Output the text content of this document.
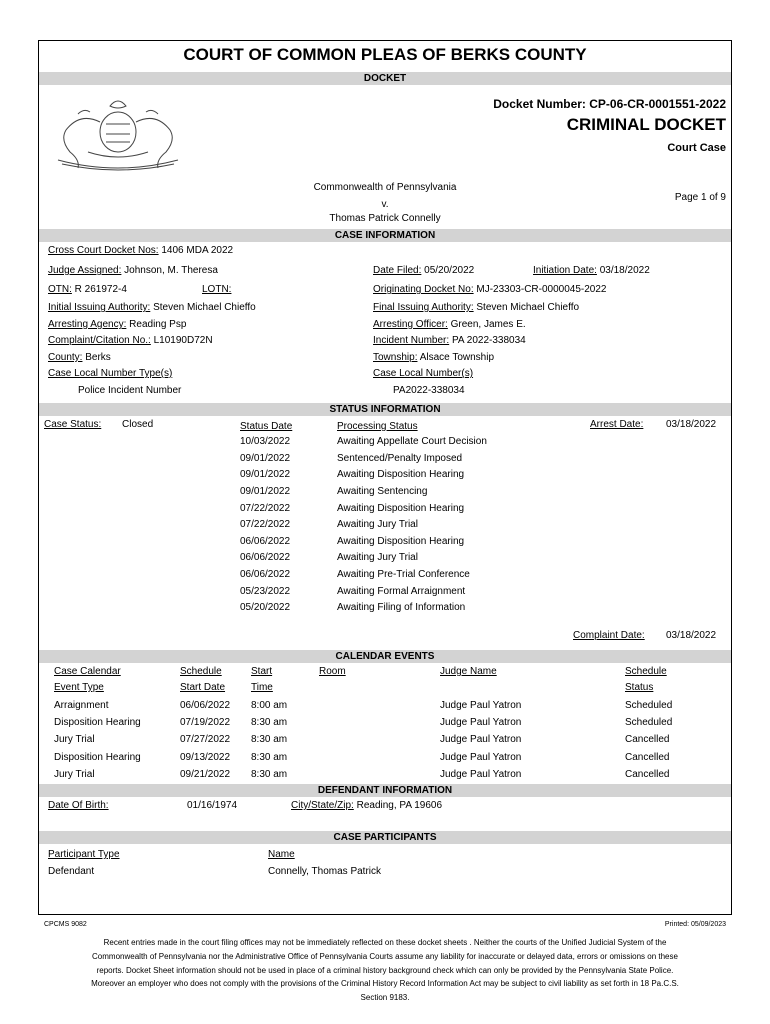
COURT OF COMMON PLEAS OF BERKS COUNTY
DOCKET
Docket Number: CP-06-CR-0001551-2022
CRIMINAL DOCKET
Court Case
Commonwealth of Pennsylvania
v.
Thomas Patrick Connelly
Page 1 of 9
CASE INFORMATION
Cross Court Docket Nos: 1406 MDA 2022
Judge Assigned: Johnson, M. Theresa
OTN: R 261972-4	LOTN:
Initial Issuing Authority: Steven Michael Chieffo
Arresting Agency: Reading Psp
Complaint/Citation No.: L10190D72N
County: Berks
Case Local Number Type(s)
Police Incident Number
Date Filed: 05/20/2022	Initiation Date: 03/18/2022
Originating Docket No: MJ-23303-CR-0000045-2022
Final Issuing Authority: Steven Michael Chieffo
Arresting Officer: Green, James E.
Incident Number: PA 2022-338034
Township: Alsace Township
Case Local Number(s)
PA2022-338034
STATUS INFORMATION
Case Status: Closed	Status Date	Processing Status	Arrest Date: 03/18/2022
10/03/2022	Awaiting Appellate Court Decision
09/01/2022	Sentenced/Penalty Imposed
09/01/2022	Awaiting Disposition Hearing
09/01/2022	Awaiting Sentencing
07/22/2022	Awaiting Disposition Hearing
07/22/2022	Awaiting Jury Trial
06/06/2022	Awaiting Disposition Hearing
06/06/2022	Awaiting Jury Trial
06/06/2022	Awaiting Pre-Trial Conference
05/23/2022	Awaiting Formal Arraignment
05/20/2022	Awaiting Filing of Information
Complaint Date: 03/18/2022
CALENDAR EVENTS
Case Calendar
Event Type
Schedule
Start Date
Start
Time
Room	Judge Name	Schedule
Status
Arraignment	06/06/2022 8:00 am	Judge Paul Yatron	Scheduled
Disposition Hearing	07/19/2022 8:30 am	Judge Paul Yatron	Scheduled
Jury Trial	07/27/2022 8:30 am	Judge Paul Yatron	Cancelled
Disposition Hearing	09/13/2022 8:30 am	Judge Paul Yatron	Cancelled
Jury Trial	09/21/2022 8:30 am	Judge Paul Yatron	Cancelled
DEFENDANT INFORMATION
Date Of Birth:	01/16/1974	City/State/Zip: Reading, PA 19606
CASE PARTICIPANTS
Participant Type	Name
Defendant	Connelly, Thomas Patrick
CPCMS 9082	Printed: 05/09/2023
Recent entries made in the court filing offices may not be immediately reflected on these docket sheets . Neither the courts of the Unified Judicial System of the Commonwealth of Pennsylvania nor the Administrative Office of Pennsylvania Courts assume any liability for inaccurate or delayed data, errors or omissions on these reports. Docket Sheet information should not be used in place of a criminal history background check which can only be provided by the Pennsylvania State Police. Moreover an employer who does not comply with the provisions of the Criminal History Record Information Act may be subject to civil liability as set forth in 18 Pa.C.S. Section 9183.
